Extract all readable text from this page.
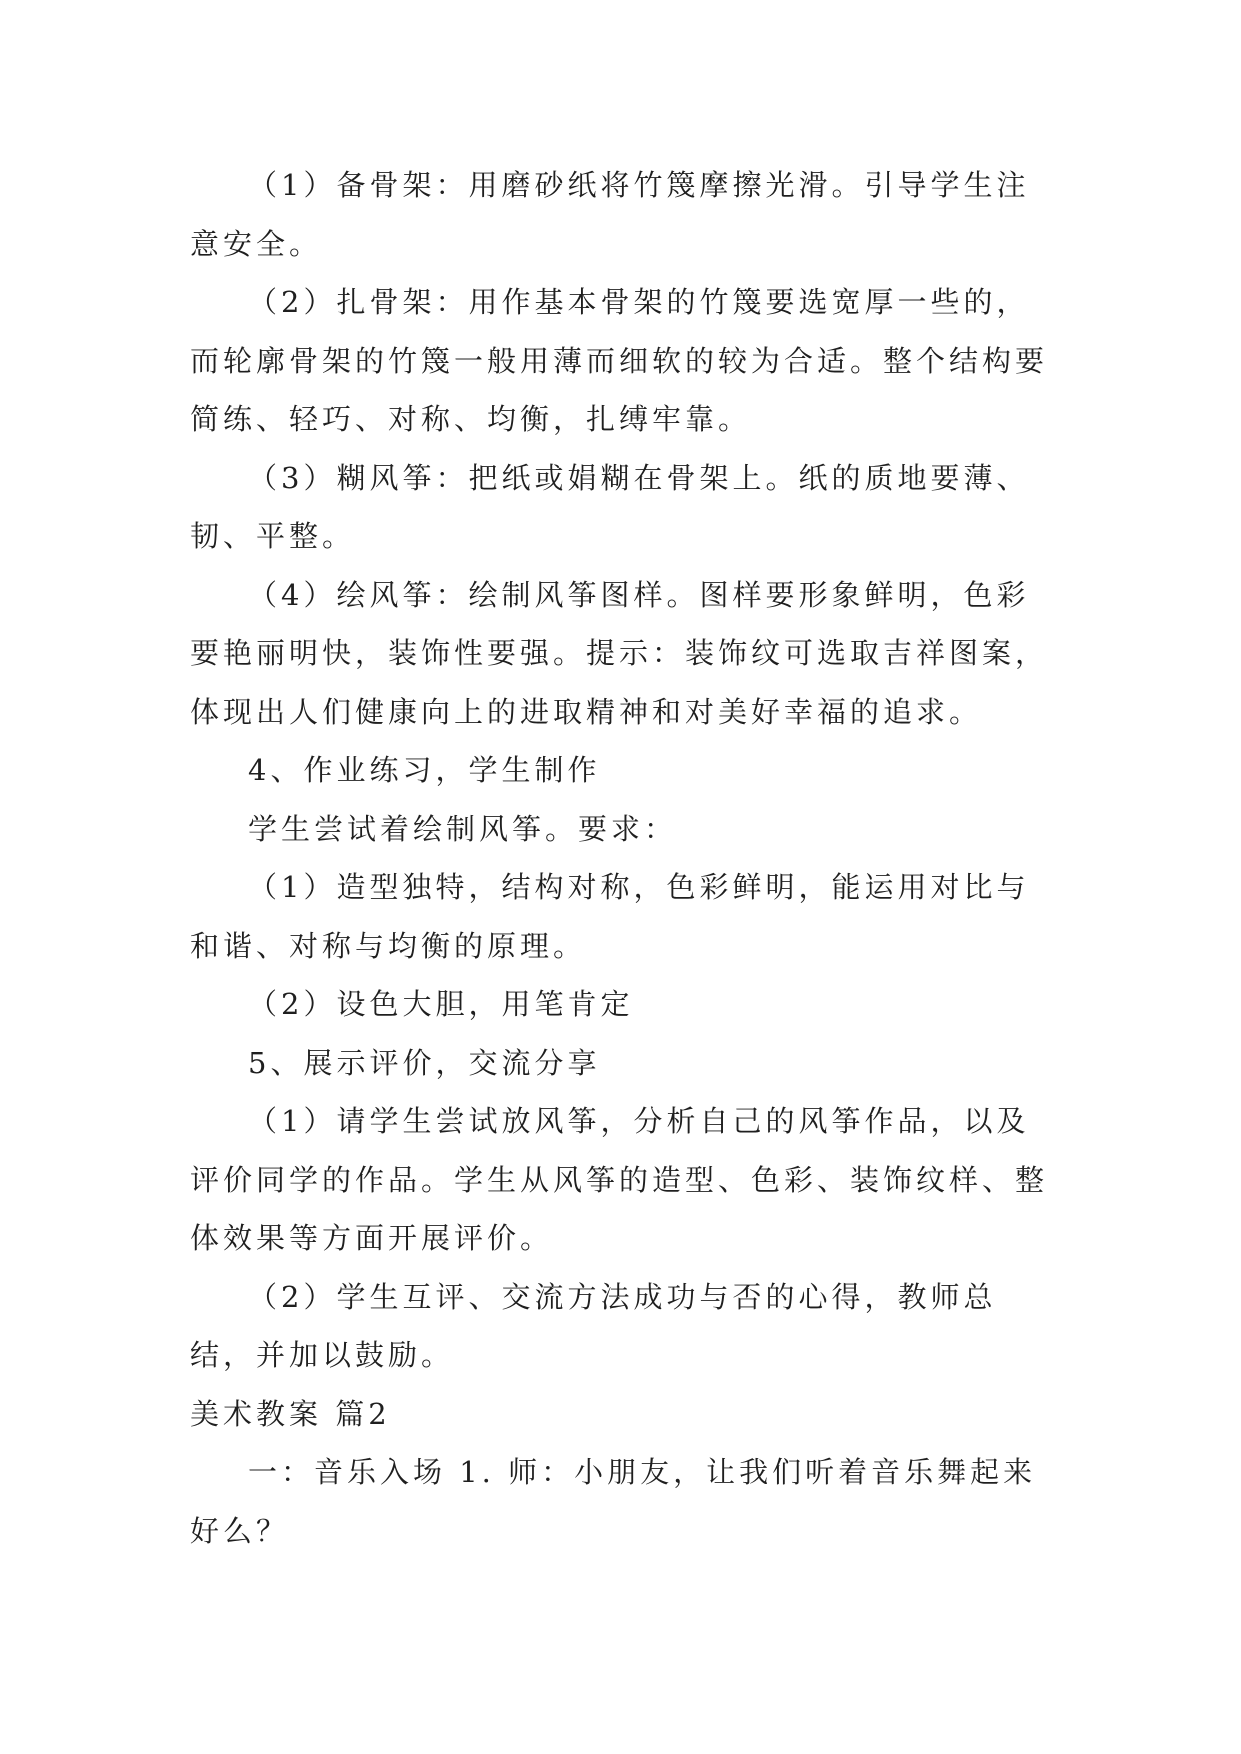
（1）备骨架：用磨砂纸将竹篾摩擦光滑。引导学生注意安全。

（2）扎骨架：用作基本骨架的竹篾要选宽厚一些的，而轮廓骨架的竹篾一般用薄而细软的较为合适。整个结构要简练、轻巧、对称、均衡，扎缚牢靠。

（3）糊风筝：把纸或娟糊在骨架上。纸的质地要薄、韧、平整。

（4）绘风筝：绘制风筝图样。图样要形象鲜明，色彩要艳丽明快，装饰性要强。提示：装饰纹可选取吉祥图案，体现出人们健康向上的进取精神和对美好幸福的追求。

4、作业练习，学生制作

学生尝试着绘制风筝。要求：

（1）造型独特，结构对称，色彩鲜明，能运用对比与和谐、对称与均衡的原理。

（2）设色大胆，用笔肯定

5、展示评价，交流分享

（1）请学生尝试放风筝，分析自己的风筝作品，以及评价同学的作品。学生从风筝的造型、色彩、装饰纹样、整体效果等方面开展评价。

（2）学生互评、交流方法成功与否的心得，教师总结，并加以鼓励。

美术教案 篇2

一：音乐入场 1. 师：小朋友，让我们听着音乐舞起来好么？
